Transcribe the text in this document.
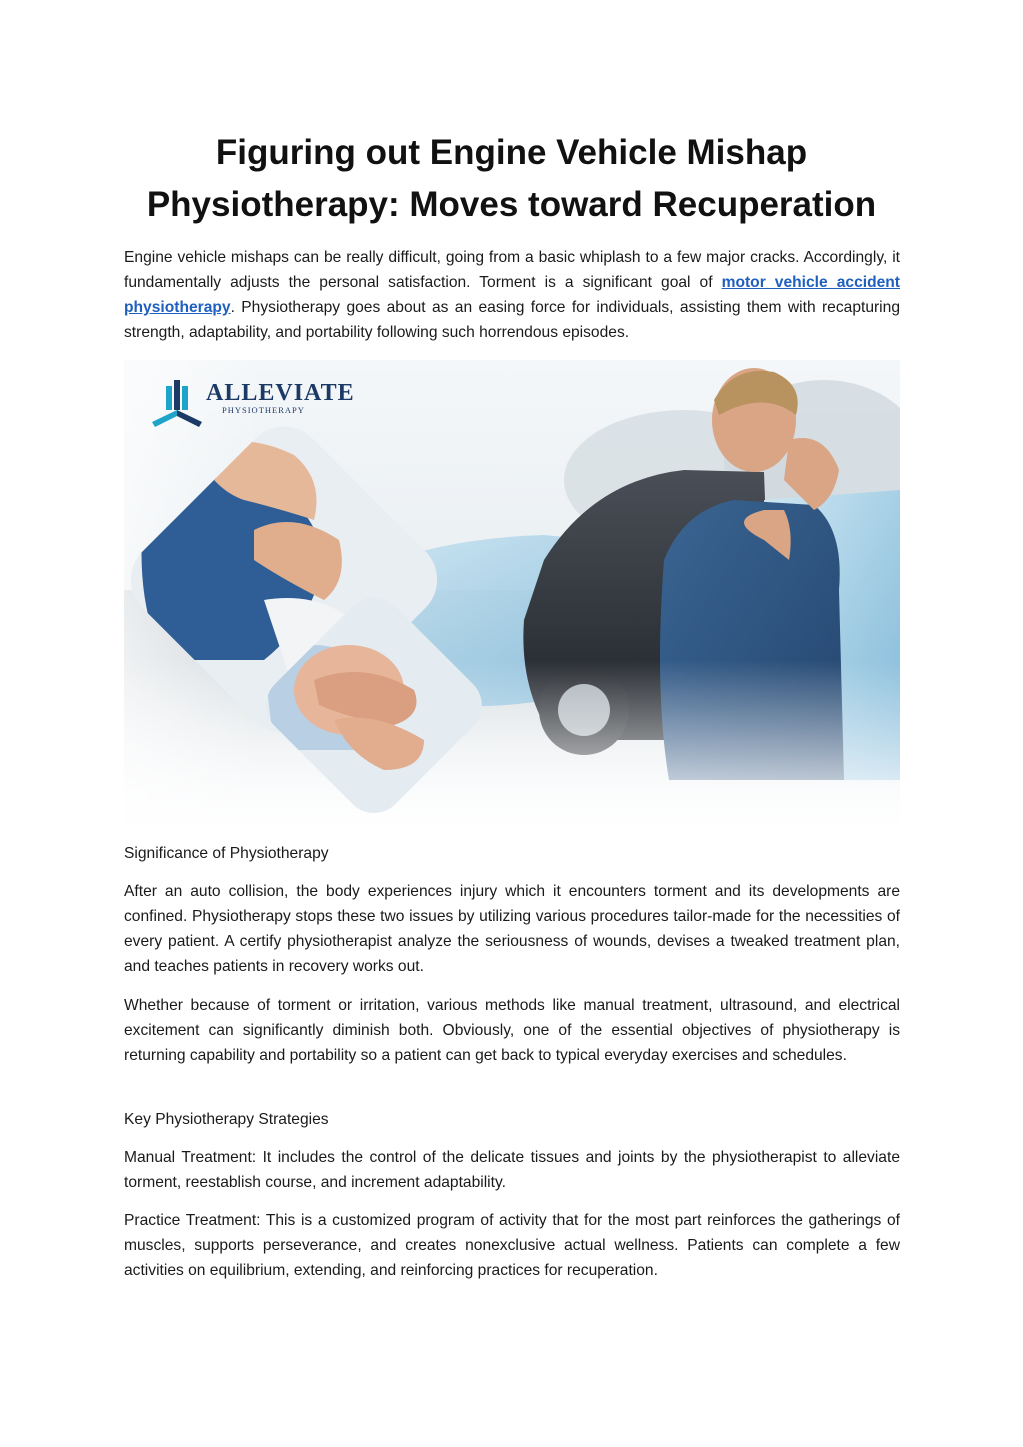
Figuring out Engine Vehicle Mishap
Physiotherapy: Moves toward Recuperation

Engine vehicle mishaps can be really difficult, going from a basic whiplash to a few major cracks. Accordingly, it fundamentally adjusts the personal satisfaction. Torment is a significant goal of motor vehicle accident physiotherapy. Physiotherapy goes about as an easing force for individuals, assisting them with recapturing strength, adaptability, and portability following such horrendous episodes.

ALLEVIATE
PHYSIOTHERAPY

Significance of Physiotherapy

After an auto collision, the body experiences injury which it encounters torment and its developments are confined. Physiotherapy stops these two issues by utilizing various procedures tailor-made for the necessities of every patient. A certify physiotherapist analyze the seriousness of wounds, devises a tweaked treatment plan, and teaches patients in recovery works out.

Whether because of torment or irritation, various methods like manual treatment, ultrasound, and electrical excitement can significantly diminish both. Obviously, one of the essential objectives of physiotherapy is returning capability and portability so a patient can get back to typical everyday exercises and schedules.

Key Physiotherapy Strategies

Manual Treatment: It includes the control of the delicate tissues and joints by the physiotherapist to alleviate torment, reestablish course, and increment adaptability.

Practice Treatment: This is a customized program of activity that for the most part reinforces the gatherings of muscles, supports perseverance, and creates nonexclusive actual wellness. Patients can complete a few activities on equilibrium, extending, and reinforcing practices for recuperation.
